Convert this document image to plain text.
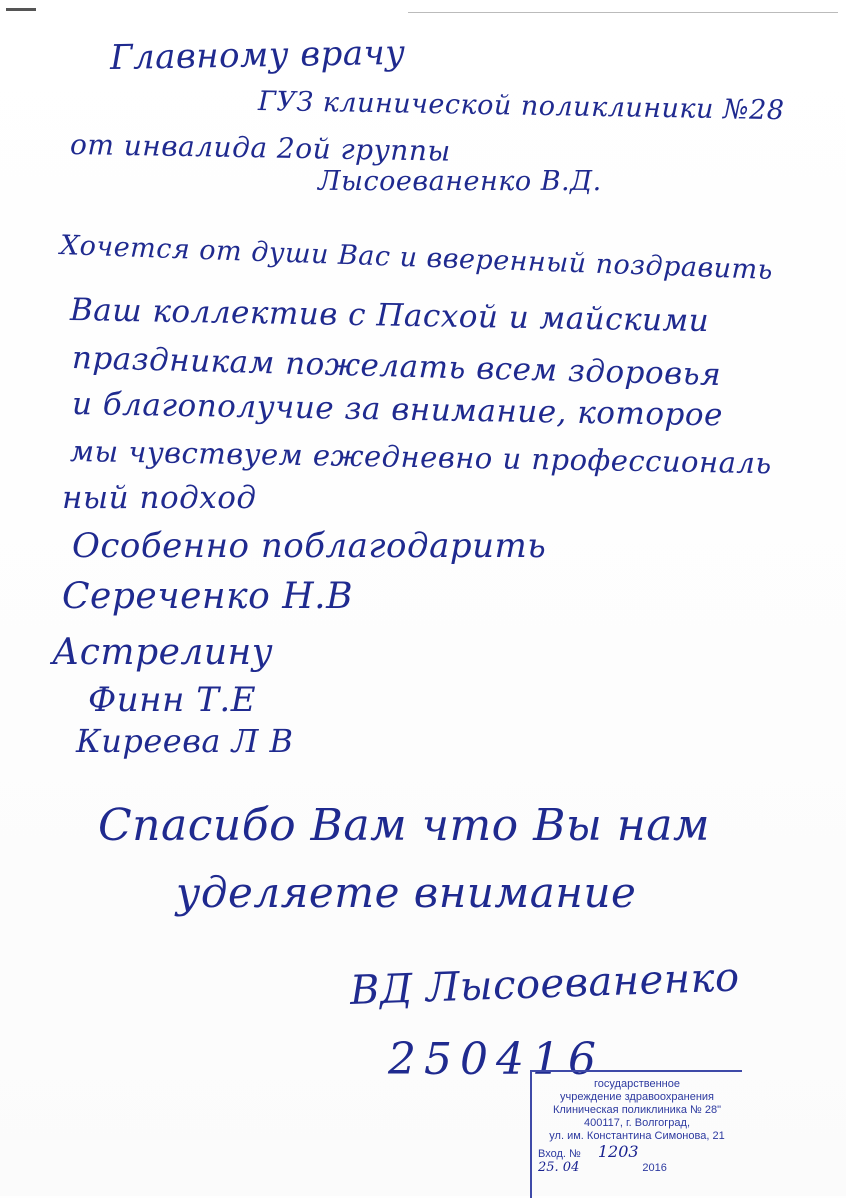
Главному врачу
ГУЗ клинической поликлиники №28
от инвалида 2ой группы
Лысоеваненко В.Д.
Хочется от души Вас и вверенный поздравить
Ваш коллектив с Пасхой и майскими
праздникам пожелать всем здоровья
и благополучие за внимание, которое
мы чувствуем ежедневно и профессиональ
ный подход
Особенно поблагодарить
Сереченко Н.В
Астрелину
Финн Т.Е
Киреева Л В
Спасибо Вам что Вы нам
уделяете внимание
ВД Лысоеваненко
250416
государственное
учреждение здравоохранения
Клиническая поликлиника № 28"
400117, г. Волгоград,
ул. им. Константина Симонова, 21
Вход. № 1203
25. 04	2016
